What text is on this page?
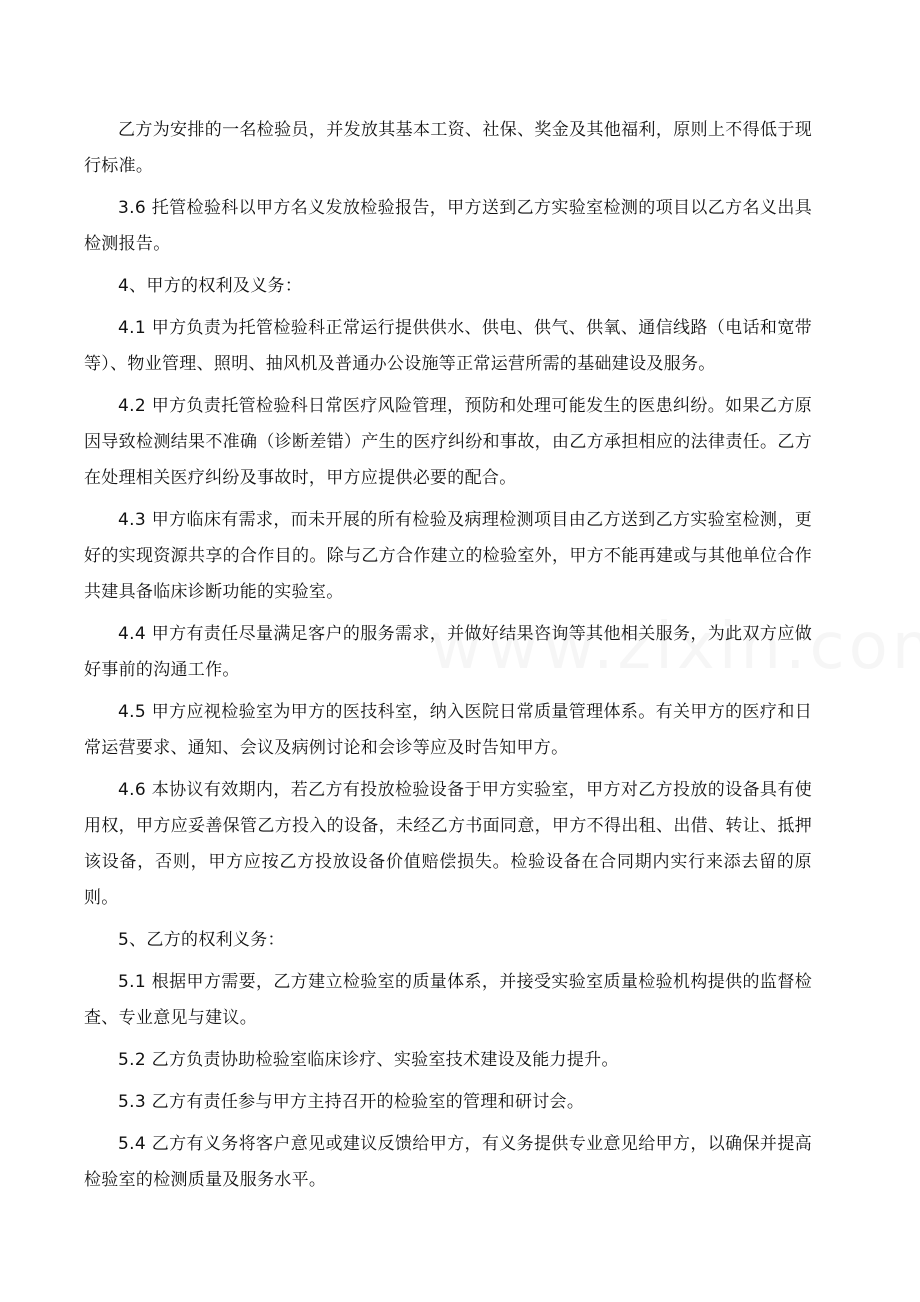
乙方为安排的一名检验员，并发放其基本工资、社保、奖金及其他福利，原则上不得低于现行标准。

3.6 托管检验科以甲方名义发放检验报告，甲方送到乙方实验室检测的项目以乙方名义出具检测报告。

4、甲方的权利及义务：

4.1 甲方负责为托管检验科正常运行提供供水、供电、供气、供氧、通信线路（电话和宽带等）、物业管理、照明、抽风机及普通办公设施等正常运营所需的基础建设及服务。

4.2 甲方负责托管检验科日常医疗风险管理，预防和处理可能发生的医患纠纷。如果乙方原因导致检测结果不准确（诊断差错）产生的医疗纠纷和事故，由乙方承担相应的法律责任。乙方在处理相关医疗纠纷及事故时，甲方应提供必要的配合。

4.3 甲方临床有需求，而未开展的所有检验及病理检测项目由乙方送到乙方实验室检测，更好的实现资源共享的合作目的。除与乙方合作建立的检验室外，甲方不能再建或与其他单位合作共建具备临床诊断功能的实验室。

4.4 甲方有责任尽量满足客户的服务需求，并做好结果咨询等其他相关服务，为此双方应做好事前的沟通工作。

4.5 甲方应视检验室为甲方的医技科室，纳入医院日常质量管理体系。有关甲方的医疗和日常运营要求、通知、会议及病例讨论和会诊等应及时告知甲方。

4.6 本协议有效期内，若乙方有投放检验设备于甲方实验室，甲方对乙方投放的设备具有使用权，甲方应妥善保管乙方投入的设备，未经乙方书面同意，甲方不得出租、出借、转让、抵押该设备，否则，甲方应按乙方投放设备价值赔偿损失。检验设备在合同期内实行来添去留的原则。

5、乙方的权利义务：

5.1 根据甲方需要，乙方建立检验室的质量体系，并接受实验室质量检验机构提供的监督检查、专业意见与建议。

5.2 乙方负责协助检验室临床诊疗、实验室技术建设及能力提升。

5.3 乙方有责任参与甲方主持召开的检验室的管理和研讨会。

5.4 乙方有义务将客户意见或建议反馈给甲方，有义务提供专业意见给甲方，以确保并提高检验室的检测质量及服务水平。
